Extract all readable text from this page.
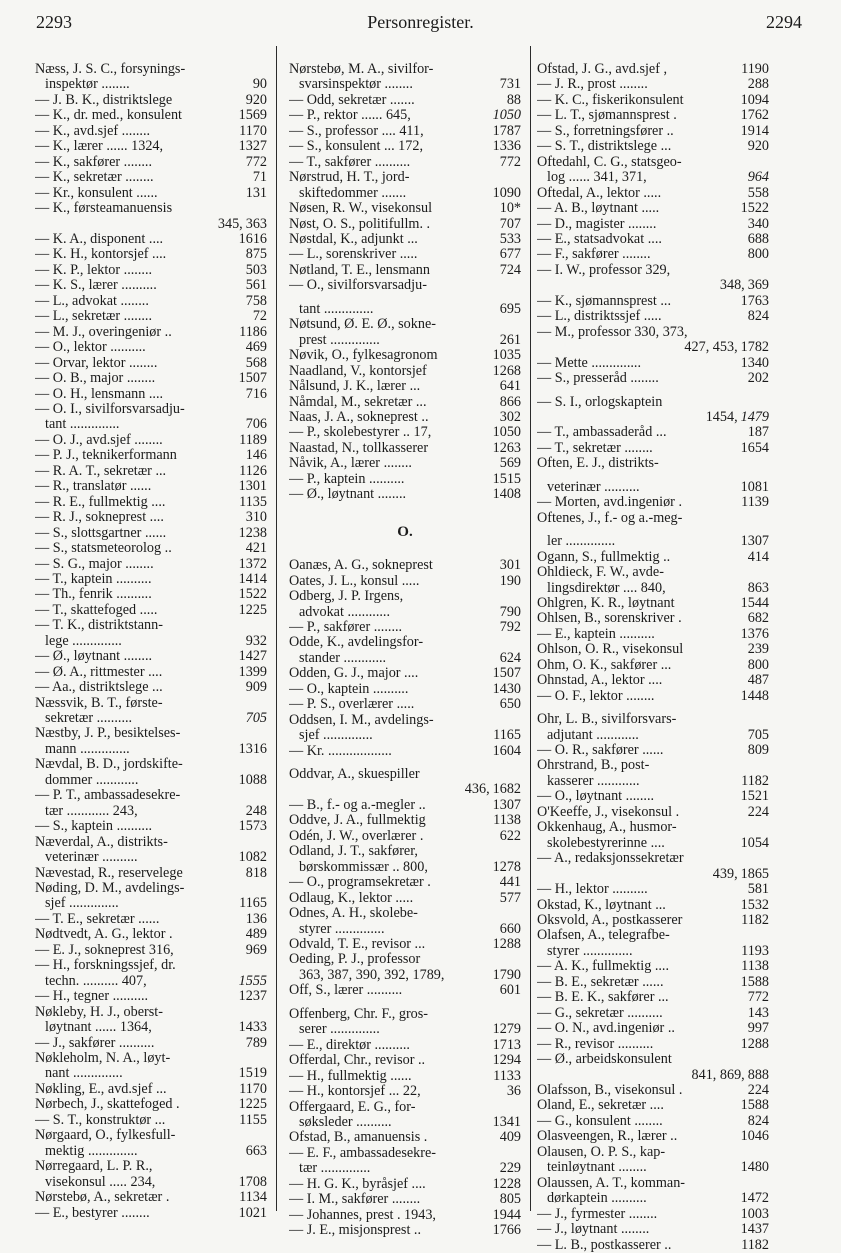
2293	Personregister.	2294
Næss, J. S. C., forsynings-
inspektør ........	90
— J. B. K., distriktslege	920
— K., dr. med., konsulent	1569
— K., avd.sjef ........	1170
— K., lærer ...... 1324,	1327
— K., sakfører ........	772
— K., sekretær ........	71
— Kr., konsulent ......	131
— K., førsteamanuensis
345, 363
— K. A., disponent ....	1616
— K. H., kontorsjef ....	875
— K. P., lektor ........	503
— K. S., lærer ..........	561
— L., advokat ........	758
— L., sekretær ........	72
— M. J., overingeniør ..	1186
— O., lektor ..........	469
— Orvar, lektor ........	568
— O. B., major ........	1507
— O. H., lensmann ....	716
— O. I., sivilforsvarsadju-
tant ..............	706
— O. J., avd.sjef ........	1189
— P. J., teknikerformann	146
— R. A. T., sekretær ...	1126
— R., translatør ......	1301
— R. E., fullmektig ....	1135
— R. J., sokneprest ....	310
— S., slottsgartner ......	1238
— S., statsmeteorolog ..	421
— S. G., major ........	1372
— T., kaptein ..........	1414
— Th., fenrik ..........	1522
— T., skattefoged .....	1225
— T. K., distriktstann-
lege ..............	932
— Ø., løytnant ........	1427
— Ø. A., rittmester ....	1399
— Aa., distriktslege ...	909
Næssvik, B. T., første-
sekretær ..........	705
Næstby, J. P., besiktelses-
mann ..............	1316
Nævdal, B. D., jordskifte-
dommer ............	1088
— P. T., ambassadesekre-
tær ............ 243,	248
— S., kaptein ..........	1573
Næverdal, A., distrikts-
veterinær ..........	1082
Nævestad, R., reservelege	818
Nøding, D. M., avdelings-
sjef ..............	1165
— T. E., sekretær ......	136
Nødtvedt, A. G., lektor .	489
— E. J., sokneprest 316,	969
— H., forskningssjef, dr.
techn. .......... 407,	1555
— H., tegner ..........	1237
Nøkleby, H. J., oberst-
løytnant ...... 1364,	1433
— J., sakfører ..........	789
Nøkleholm, N. A., løyt-
nant ..............	1519
Nøkling, E., avd.sjef ...	1170
Nørbech, J., skattefoged .	1225
— S. T., konstruktør ...	1155
Nørgaard, O., fylkesfull-
mektig ..............	663
Nørregaard, L. P. R.,
visekonsul ..... 234,	1708
Nørstebø, A., sekretær .	1134
— E., bestyrer ........	1021
Nørstebø, M. A., sivilfor-
svarsinspektør ........	731
— Odd, sekretær .......	88
— P., rektor ...... 645,	1050
— S., professor .... 411,	1787
— S., konsulent ... 172,	1336
— T., sakfører ..........	772
Nørstrud, H. T., jord-
skiftedommer .......	1090
Nøsen, R. W., visekonsul	10*
Nøst, O. S., politifullm. .	707
Nøstdal, K., adjunkt ...	533
— L., sorenskriver .....	677
Nøtland, T. E., lensmann	724
— O., sivilforsvarsadju-
tant ..............	695
Nøtsund, Ø. E. Ø., sokne-
prest ..............	261
Nøvik, O., fylkesagronom	1035
Naadland, V., kontorsjef	1268
Nålsund, J. K., lærer ...	641
Nåmdal, M., sekretær ...	866
Naas, J. A., sokneprest ..	302
— P., skolebestyrer .. 17,	1050
Naastad, N., tollkasserer	1263
Nåvik, A., lærer ........	569
— P., kaptein ..........	1515
— Ø., løytnant ........	1408
O.
Oanæs, A. G., sokneprest	301
Oates, J. L., konsul .....	190
Odberg, J. P. Irgens,
advokat ............	790
— P., sakfører ........	792
Odde, K., avdelingsfor-
stander ............	624
Odden, G. J., major ....	1507
— O., kaptein ..........	1430
— P. S., overlærer .....	650
Oddsen, I. M., avdelings-
sjef ..............	1165
— Kr. ..................	1604
Oddvar, A., skuespiller
436, 1682
— B., f.- og a.-megler ..	1307
Oddve, J. A., fullmektig	1138
Odén, J. W., overlærer .	622
Odland, J. T., sakfører,
børskommissær .. 800,	1278
— O., programsekretær .	441
Odlaug, K., lektor .....	577
Odnes, A. H., skolebe-
styrer ..............	660
Odvald, T. E., revisor ...	1288
Oeding, P. J., professor
363, 387, 390, 392, 1789,	1790
Off, S., lærer ..........	601
Offenberg, Chr. F., gros-
serer ..............	1279
— E., direktør ..........	1713
Offerdal, Chr., revisor ..	1294
— H., fullmektig ......	1133
— H., kontorsjef ... 22,	36
Offergaard, E. G., for-
søksleder ..........	1341
Ofstad, B., amanuensis .	409
— E. F., ambassadesekre-
tær ..............	229
— H. G. K., byråsjef ....	1228
— I. M., sakfører ........	805
— Johannes, prest . 1943,	1944
— J. E., misjonsprest ..	1766
Ofstad, J. G., avd.sjef ,	1190
— J. R., prost ........	288
— K. C., fiskerikonsulent	1094
— L. T., sjømannsprest .	1762
— S., forretningsfører ..	1914
— S. T., distriktslege ...	920
Oftedahl, C. G., statsgeo-
log ...... 341, 371,	964
Oftedal, A., lektor .....	558
— A. B., løytnant .....	1522
— D., magister ........	340
— E., statsadvokat ....	688
— F., sakfører ........	800
— I. W., professor 329,
348, 369
— K., sjømannsprest ...	1763
— L., distriktssjef .....	824
— M., professor 330, 373,
427, 453, 1782
— Mette ..............	1340
— S., presseråd ........	202
— S. I., orlogskaptein
1454, 1479
— T., ambassaderåd ...	187
— T., sekretær ........	1654
Often, E. J., distrikts-
veterinær ..........	1081
— Morten, avd.ingeniør .	1139
Oftenes, J., f.- og a.-meg-
ler ..............	1307
Ogann, S., fullmektig ..	414
Ohldieck, F. W., avde-
lingsdirektør .... 840,	863
Ohlgren, K. R., løytnant	1544
Ohlsen, B., sorenskriver .	682
— E., kaptein ..........	1376
Ohlson, O. R., visekonsul	239
Ohm, O. K., sakfører ...	800
Ohnstad, A., lektor ....	487
— O. F., lektor ........	1448
Ohr, L. B., sivilforsvars-
adjutant ............	705
— O. R., sakfører ......	809
Ohrstrand, B., post-
kasserer ............	1182
— O., løytnant ........	1521
O'Keeffe, J., visekonsul .	224
Okkenhaug, A., husmor-
skolebestyrerinne ....	1054
— A., redaksjonssekretær
439, 1865
— H., lektor ..........	581
Okstad, K., løytnant ...	1532
Oksvold, A., postkasserer	1182
Olafsen, A., telegrafbe-
styrer ..............	1193
— A. K., fullmektig ....	1138
— B. E., sekretær ......	1588
— B. E. K., sakfører ...	772
— G., sekretær ..........	143
— O. N., avd.ingeniør ..	997
— R., revisor ..........	1288
— Ø., arbeidskonsulent
841, 869, 888
Olafsson, B., visekonsul .	224
Oland, E., sekretær ....	1588
— G., konsulent ........	824
Olasveengen, R., lærer ..	1046
Olausen, O. P. S., kap-
teinløytnant ........	1480
Olaussen, A. T., komman-
dørkaptein ..........	1472
— J., fyrmester ........	1003
— J., løytnant ........	1437
— L. B., postkasserer ..	1182
